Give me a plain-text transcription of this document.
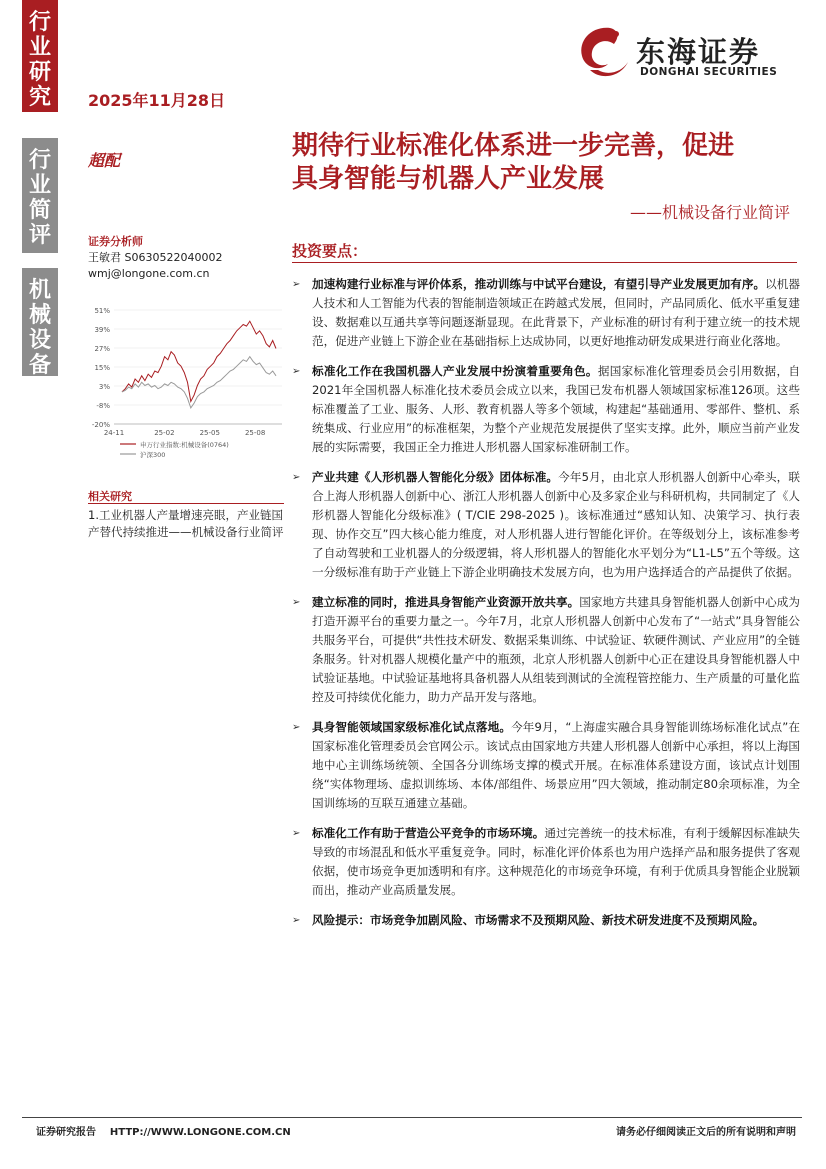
行
业
研
究
行
业
简
评
机
械
设
备
东海证券
DONGHAI SECURITIES
2025年11月28日
超配	期待行业标准化体系进一步完善，促进
具身智能与机器人产业发展
——机械设备行业简评
证券分析师
王敏君 S0630522040002
wmj@longone.com.cn
51%
39%
27%
15%
3%
-8%
-20%
24-11	25-02	25-05	25-08
申万行业指数:机械设备(0764)
沪深300
相关研究
1.工业机器人产量增速亮眼，产业链国产替代持续推进——机械设备行业简评
投资要点：
➢ 加速构建行业标准与评价体系，推动训练与中试平台建设，有望引导产业发展更加有序。以机器人技术和人工智能为代表的智能制造领域正在跨越式发展，但同时，产品同质化、低水平重复建设、数据难以互通共享等问题逐渐显现。在此背景下，产业标准的研讨有利于建立统一的技术规范，促进产业链上下游企业在基础指标上达成协同，以更好地推动研发成果进行商业化落地。
➢ 标准化工作在我国机器人产业发展中扮演着重要角色。据国家标准化管理委员会引用数据，自2021年全国机器人标准化技术委员会成立以来，我国已发布机器人领域国家标准126项。这些标准覆盖了工业、服务、人形、教育机器人等多个领域，构建起“基础通用、零部件、整机、系统集成、行业应用”的标准框架，为整个产业规范发展提供了坚实支撑。此外，顺应当前产业发展的实际需要，我国正全力推进人形机器人国家标准研制工作。
➢ 产业共建《人形机器人智能化分级》团体标准。今年5月，由北京人形机器人创新中心牵头，联合上海人形机器人创新中心、浙江人形机器人创新中心及多家企业与科研机构，共同制定了《人形机器人智能化分级标准》( T/CIE 298-2025 )。该标准通过“感知认知、决策学习、执行表现、协作交互”四大核心能力维度，对人形机器人进行智能化评价。在等级划分上，该标准参考了自动驾驶和工业机器人的分级逻辑，将人形机器人的智能化水平划分为“L1-L5”五个等级。这一分级标准有助于产业链上下游企业明确技术发展方向，也为用户选择适合的产品提供了依据。
➢ 建立标准的同时，推进具身智能产业资源开放共享。国家地方共建具身智能机器人创新中心成为打造开源平台的重要力量之一。今年7月，北京人形机器人创新中心发布了“一站式”具身智能公共服务平台，可提供“共性技术研发、数据采集训练、中试验证、软硬件测试、产业应用”的全链条服务。针对机器人规模化量产中的瓶颈，北京人形机器人创新中心正在建设具身智能机器人中试验证基地。中试验证基地将具备机器人从组装到测试的全流程管控能力、生产质量的可量化监控及可持续优化能力，助力产品开发与落地。
➢ 具身智能领域国家级标准化试点落地。今年9月，“上海虚实融合具身智能训练场标准化试点”在国家标准化管理委员会官网公示。该试点由国家地方共建人形机器人创新中心承担，将以上海国地中心主训练场统领、全国各分训练场支撑的模式开展。在标准体系建设方面，该试点计划围绕“实体物理场、虚拟训练场、本体/部组件、场景应用”四大领域，推动制定80余项标准，为全国训练场的互联互通建立基础。
➢ 标准化工作有助于营造公平竞争的市场环境。通过完善统一的技术标准，有利于缓解因标准缺失导致的市场混乱和低水平重复竞争。同时，标准化评价体系也为用户选择产品和服务提供了客观依据，使市场竞争更加透明和有序。这种规范化的市场竞争环境，有利于优质具身智能企业脱颖而出，推动产业高质量发展。
➢ 风险提示：市场竞争加剧风险、市场需求不及预期风险、新技术研发进度不及预期风险。
证券研究报告    HTTP://WWW.LONGONE.COM.CN	请务必仔细阅读正文后的所有说明和声明
